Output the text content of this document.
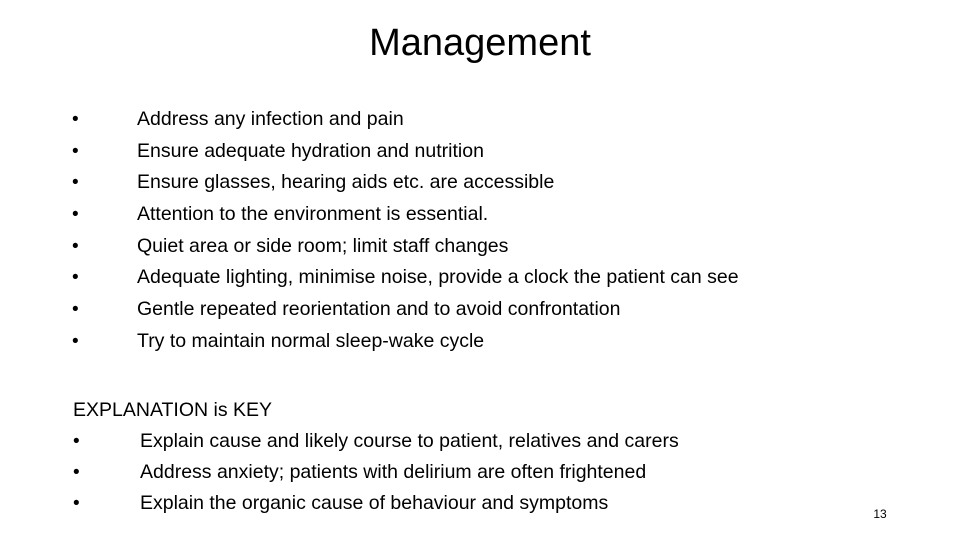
Management
•	Address any infection and pain
•	Ensure adequate hydration and nutrition
•	Ensure glasses, hearing aids etc. are accessible
•	Attention to the environment is essential.
•	Quiet area or side room; limit staff changes
•	Adequate lighting, minimise noise, provide a clock the patient can see
•	Gentle repeated reorientation and to avoid confrontation
•	Try to maintain normal sleep-wake cycle
EXPLANATION is KEY
•	Explain cause and likely course to patient, relatives and carers
•	Address anxiety; patients with delirium are often frightened
•	Explain the organic cause of behaviour and symptoms	13
